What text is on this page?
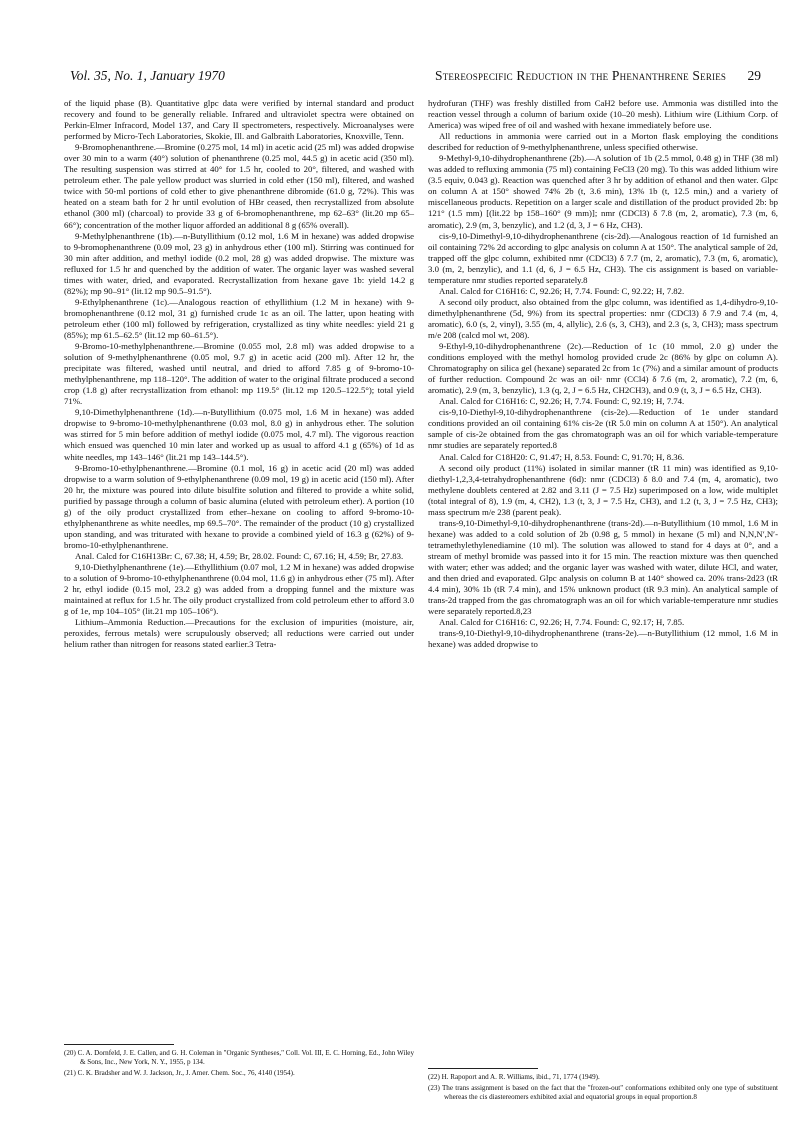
Vol. 35, No. 1, January 1970	Stereospecific Reduction in the Phenanthrene Series 29

of the liquid phase (B). Quantitative glpc data were verified by internal standard and product recovery and found to be generally reliable. Infrared and ultraviolet spectra were obtained on Perkin-Elmer Infracord, Model 137, and Cary II spectrometers, respectively. Microanalyses were performed by Micro-Tech Laboratories, Skokie, Ill. and Galbraith Laboratories, Knoxville, Tenn.

9-Bromophenanthrene.—Bromine (0.275 mol, 14 ml) in acetic acid (25 ml) was added dropwise over 30 min to a warm (40°) solution of phenanthrene (0.25 mol, 44.5 g) in acetic acid (350 ml). The resulting suspension was stirred at 40° for 1.5 hr, cooled to 20°, filtered, and washed with petroleum ether. The pale yellow product was slurried in cold ether (150 ml), filtered, and washed twice with 50-ml portions of cold ether to give phenanthrene dibromide (61.0 g, 72%). This was heated on a steam bath for 2 hr until evolution of HBr ceased, then recrystallized from absolute ethanol (300 ml) (charcoal) to provide 33 g of 6-bromophenanthrene, mp 62–63° (lit.20 mp 65–66°); concentration of the mother liquor afforded an additional 8 g (65% overall).

9-Methylphenanthrene (1b).—n-Butyllithium (0.12 mol, 1.6 M in hexane) was added dropwise to 9-bromophenanthrene (0.09 mol, 23 g) in anhydrous ether (100 ml). Stirring was continued for 30 min after addition, and methyl iodide (0.2 mol, 28 g) was added dropwise. The mixture was refluxed for 1.5 hr and quenched by the addition of water. The organic layer was washed several times with water, dried, and evaporated. Recrystallization from hexane gave 1b: yield 14.2 g (82%); mp 90–91° (lit.12 mp 90.5–91.5°).

9-Ethylphenanthrene (1c).—Analogous reaction of ethyllithium (1.2 M in hexane) with 9-bromophenanthrene (0.12 mol, 31 g) furnished crude 1c as an oil. The latter, upon heating with petroleum ether (100 ml) followed by refrigeration, crystallized as tiny white needles: yield 21 g (85%); mp 61.5–62.5° (lit.12 mp 60–61.5°).

9-Bromo-10-methylphenanthrene.—Bromine (0.055 mol, 2.8 ml) was added dropwise to a solution of 9-methylphenanthrene (0.05 mol, 9.7 g) in acetic acid (200 ml). After 12 hr, the precipitate was filtered, washed until neutral, and dried to afford 7.85 g of 9-bromo-10-methylphenanthrene, mp 118–120°. The addition of water to the original filtrate produced a second crop (1.8 g) after recrystallization from ethanol: mp 119.5° (lit.12 mp 120.5–122.5°); total yield 71%.

9,10-Dimethylphenanthrene (1d).—n-Butyllithium (0.075 mol, 1.6 M in hexane) was added dropwise to 9-bromo-10-methylphenanthrene (0.03 mol, 8.0 g) in anhydrous ether. The solution was stirred for 5 min before addition of methyl iodide (0.075 mol, 4.7 ml). The vigorous reaction which ensued was quenched 10 min later and worked up as usual to afford 4.1 g (65%) of 1d as white needles, mp 143–146° (lit.21 mp 143–144.5°).

9-Bromo-10-ethylphenanthrene.—Bromine (0.1 mol, 16 g) in acetic acid (20 ml) was added dropwise to a warm solution of 9-ethylphenanthrene (0.09 mol, 19 g) in acetic acid (150 ml). After 20 hr, the mixture was poured into dilute bisulfite solution and filtered to provide a white solid, purified by passage through a column of basic alumina (eluted with petroleum ether). A portion (10 g) of the oily product crystallized from ether–hexane on cooling to afford 9-bromo-10-ethylphenanthrene as white needles, mp 69.5–70°. The remainder of the product (10 g) crystallized upon standing, and was triturated with hexane to provide a combined yield of 16.3 g (62%) of 9-bromo-10-ethylphenanthrene.

Anal. Calcd for C16H13Br: C, 67.38; H, 4.59; Br, 28.02. Found: C, 67.16; H, 4.59; Br, 27.83.

9,10-Diethylphenanthrene (1e).—Ethyllithium (0.07 mol, 1.2 M in hexane) was added dropwise to a solution of 9-bromo-10-ethylphenanthrene (0.04 mol, 11.6 g) in anhydrous ether (75 ml). After 2 hr, ethyl iodide (0.15 mol, 23.2 g) was added from a dropping funnel and the mixture was maintained at reflux for 1.5 hr. The oily product crystallized from cold petroleum ether to afford 3.0 g of 1e, mp 104–105° (lit.21 mp 105–106°).

Lithium–Ammonia Reduction.—Precautions for the exclusion of impurities (moisture, air, peroxides, ferrous metals) were scrupulously observed; all reductions were carried out under helium rather than nitrogen for reasons stated earlier.3 Tetra-

hydrofuran (THF) was freshly distilled from CaH2 before use. Ammonia was distilled into the reaction vessel through a column of barium oxide (10–20 mesh). Lithium wire (Lithium Corp. of America) was wiped free of oil and washed with hexane immediately before use.

All reductions in ammonia were carried out in a Morton flask employing the conditions described for reduction of 9-methylphenanthrene, unless specified otherwise.

9-Methyl-9,10-dihydrophenanthrene (2b).—A solution of 1b (2.5 mmol, 0.48 g) in THF (38 ml) was added to refluxing ammonia (75 ml) containing FeCl3 (20 mg). To this was added lithium wire (3.5 equiv, 0.043 g). Reaction was quenched after 3 hr by addition of ethanol and then water. Glpc on column A at 150° showed 74% 2b (t, 3.6 min), 13% 1b (t, 12.5 min,) and a variety of miscellaneous products. Repetition on a larger scale and distillation of the product provided 2b: bp 121° (1.5 mm) [(lit.22 bp 158–160° (9 mm)]; nmr (CDCl3) δ 7.8 (m, 2, aromatic), 7.3 (m, 6, aromatic), 2.9 (m, 3, benzylic), and 1.2 (d, 3, J = 6 Hz, CH3).

cis-9,10-Dimethyl-9,10-dihydrophenanthrene (cis-2d).—Analogous reaction of 1d furnished an oil containing 72% 2d according to glpc analysis on column A at 150°. The analytical sample of 2d, trapped off the glpc column, exhibited nmr (CDCl3) δ 7.7 (m, 2, aromatic), 7.3 (m, 6, aromatic), 3.0 (m, 2, benzylic), and 1.1 (d, 6, J = 6.5 Hz, CH3). The cis assignment is based on variable-temperature nmr studies reported separately.8

Anal. Calcd for C16H16: C, 92.26; H, 7.74. Found: C, 92.22; H, 7.82.

A second oily product, also obtained from the glpc column, was identified as 1,4-dihydro-9,10-dimethylphenanthrene (5d, 9%) from its spectral properties: nmr (CDCl3) δ 7.9 and 7.4 (m, 4, aromatic), 6.0 (s, 2, vinyl), 3.55 (m, 4, allylic), 2.6 (s, 3, CH3), and 2.3 (s, 3, CH3); mass spectrum m/e 208 (calcd mol wt, 208).

9-Ethyl-9,10-dihydrophenanthrene (2c).—Reduction of 1c (10 mmol, 2.0 g) under the conditions employed with the methyl homolog provided crude 2c (86% by glpc on column A). Chromatography on silica gel (hexane) separated 2c from 1c (7%) and a similar amount of products of further reduction. Compound 2c was an oil· nmr (CCl4) δ 7.6 (m, 2, aromatic), 7.2 (m, 6, aromatic), 2.9 (m, 3, benzylic), 1.3 (q, 2, J = 6.5 Hz, CH2CH3), and 0.9 (t, 3, J = 6.5 Hz, CH3).

Anal. Calcd for C16H16: C, 92.26; H, 7.74. Found: C, 92.19; H, 7.74.

cis-9,10-Diethyl-9,10-dihydrophenanthrene (cis-2e).—Reduction of 1e under standard conditions provided an oil containing 61% cis-2e (tR 5.0 min on column A at 150°). An analytical sample of cis-2e obtained from the gas chromatograph was an oil for which variable-temperature nmr studies are separately reported.8

Anal. Calcd for C18H20: C, 91.47; H, 8.53. Found: C, 91.70; H, 8.36.

A second oily product (11%) isolated in similar manner (tR 11 min) was identified as 9,10-diethyl-1,2,3,4-tetrahydrophenanthrene (6d): nmr (CDCl3) δ 8.0 and 7.4 (m, 4, aromatic), two methylene doublets centered at 2.82 and 3.11 (J = 7.5 Hz) superimposed on a low, wide multiplet (total integral of 8), 1.9 (m, 4, CH2), 1.3 (t, 3, J = 7.5 Hz, CH3), and 1.2 (t, 3, J = 7.5 Hz, CH3); mass spectrum m/e 238 (parent peak).

trans-9,10-Dimethyl-9,10-dihydrophenanthrene (trans-2d).—n-Butyllithium (10 mmol, 1.6 M in hexane) was added to a cold solution of 2b (0.98 g, 5 mmol) in hexane (5 ml) and N,N,N′,N′-tetramethylethylenediamine (10 ml). The solution was allowed to stand for 4 days at 0°, and a stream of methyl bromide was passed into it for 15 min. The reaction mixture was then quenched with water; ether was added; and the organic layer was washed with water, dilute HCl, and water, and then dried and evaporated. Glpc analysis on column B at 140° showed ca. 20% trans-2d23 (tR 4.4 min), 30% 1b (tR 7.4 min), and 15% unknown product (tR 9.3 min). An analytical sample of trans-2d trapped from the gas chromatograph was an oil for which variable-temperature nmr studies were separately reported.8,23

Anal. Calcd for C16H16: C, 92.26; H, 7.74. Found: C, 92.17; H, 7.85.

trans-9,10-Diethyl-9,10-dihydrophenanthrene (trans-2e).—n-Butyllithium (12 mmol, 1.6 M in hexane) was added dropwise to

(20) C. A. Dornfeld, J. E. Callen, and G. H. Coleman in "Organic Syntheses," Coll. Vol. III, E. C. Horning, Ed., John Wiley & Sons, Inc., New York, N. Y., 1955, p 134.

(21) C. K. Bradsher and W. J. Jackson, Jr., J. Amer. Chem. Soc., 76, 4140 (1954).	(22) H. Rapoport and A. R. Williams, ibid., 71, 1774 (1949).

(23) The trans assignment is based on the fact that the "frozen-out" conformations exhibited only one type of substituent whereas the cis diastereomers exhibited axial and equatorial groups in equal proportion.8
